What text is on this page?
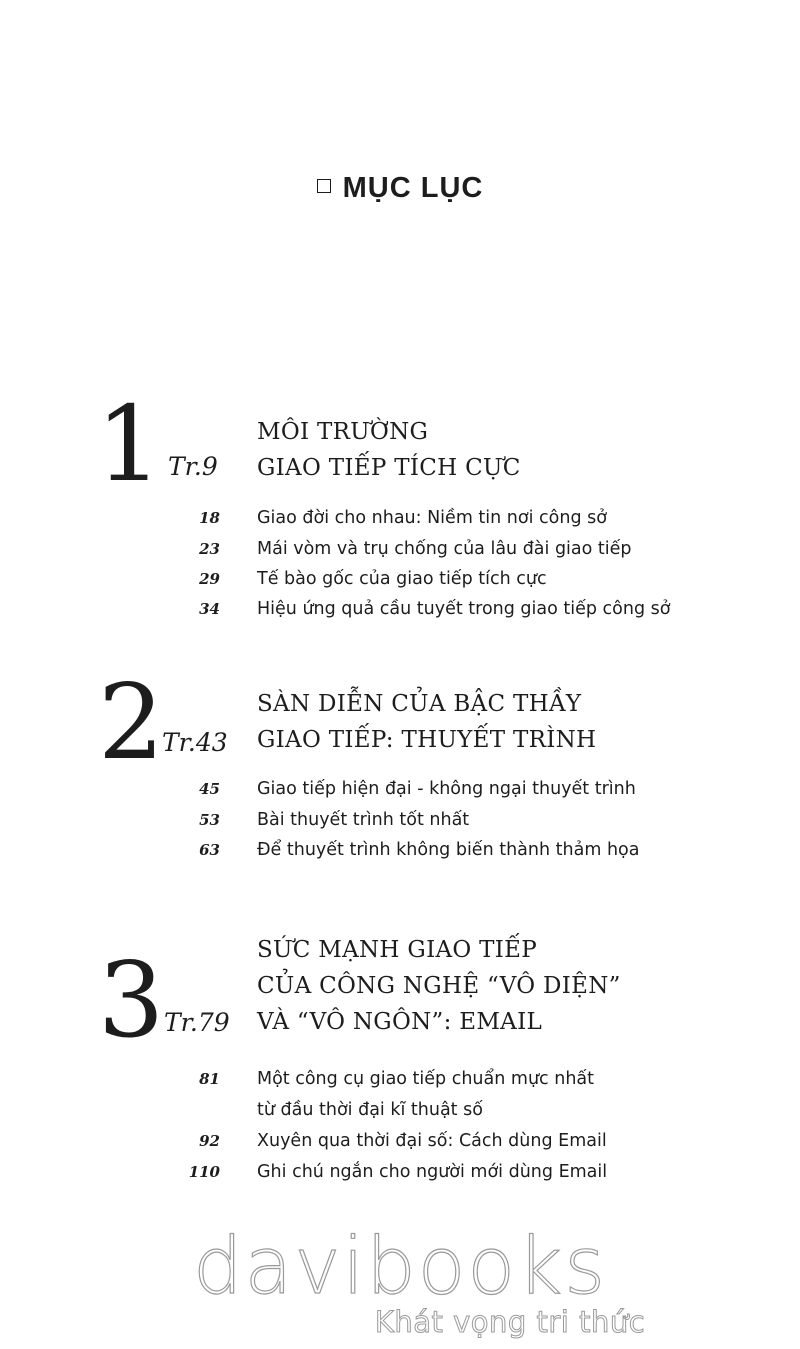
MỤC LỤC
1 Tr.9
MÔI TRƯỜNG
GIAO TIẾP TÍCH CỰC
18 Giao đời cho nhau: Niềm tin nơi công sở
23 Mái vòm và trụ chống của lâu đài giao tiếp
29 Tế bào gốc của giao tiếp tích cực
34 Hiệu ứng quả cầu tuyết trong giao tiếp công sở
2 Tr.43
SÀN DIỄN CỦA BẬC THẦY
GIAO TIẾP: THUYẾT TRÌNH
45 Giao tiếp hiện đại - không ngại thuyết trình
53 Bài thuyết trình tốt nhất
63 Để thuyết trình không biến thành thảm họa
3 Tr.79
SỨC MẠNH GIAO TIẾP
CỦA CÔNG NGHỆ “VÔ DIỆN”
VÀ “VÔ NGÔN”: EMAIL
81 Một công cụ giao tiếp chuẩn mực nhất
từ đầu thời đại kĩ thuật số
92 Xuyên qua thời đại số: Cách dùng Email
110 Ghi chú ngắn cho người mới dùng Email
davibooks
Khát vọng tri thức
